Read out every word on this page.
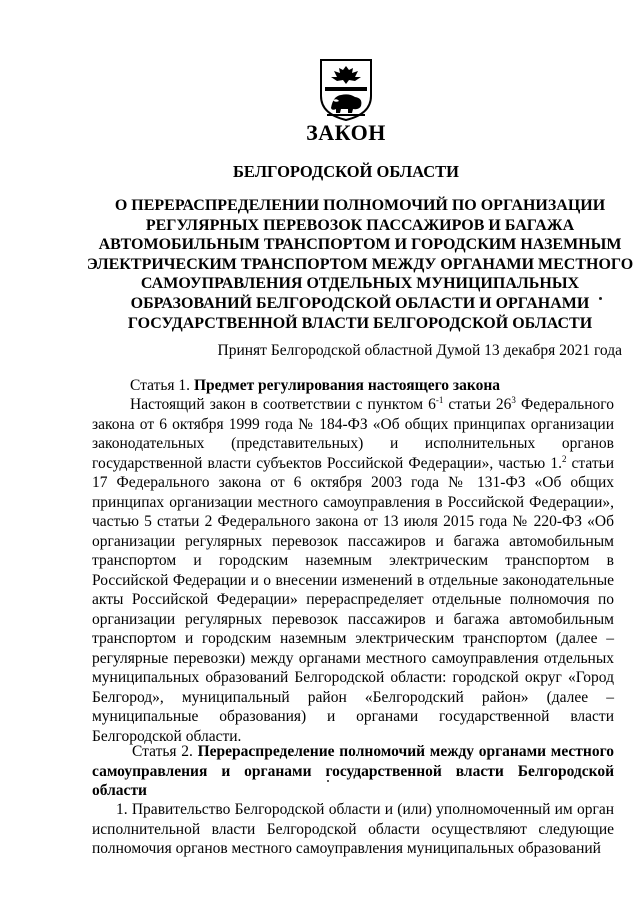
ЗАКОН
БЕЛГОРОДСКОЙ ОБЛАСТИ
О ПЕРЕРАСПРЕДЕЛЕНИИ ПОЛНОМОЧИЙ ПО ОРГАНИЗАЦИИ РЕГУЛЯРНЫХ ПЕРЕВОЗОК ПАССАЖИРОВ И БАГАЖА АВТОМОБИЛЬНЫМ ТРАНСПОРТОМ И ГОРОДСКИМ НАЗЕМНЫМ ЭЛЕКТРИЧЕСКИМ ТРАНСПОРТОМ МЕЖДУ ОРГАНАМИ МЕСТНОГО САМОУПРАВЛЕНИЯ ОТДЕЛЬНЫХ МУНИЦИПАЛЬНЫХ ОБРАЗОВАНИЙ БЕЛГОРОДСКОЙ ОБЛАСТИ И ОРГАНАМИ ГОСУДАРСТВЕННОЙ ВЛАСТИ БЕЛГОРОДСКОЙ ОБЛАСТИ

Принят Белгородской областной Думой 13 декабря 2021 года

Статья 1. Предмет регулирования настоящего закона

Настоящий закон в соответствии с пунктом $6^{-1}$ статьи $26^3$ Федерального закона от 6 октября 1999 года № 184-ФЗ «Об общих принципах организации законодательных (представительных) и исполнительных органов государственной власти субъектов Российской Федерации», частью 1.$^2$ статьи 17 Федерального закона от 6 октября 2003 года № 131-ФЗ «Об общих принципах организации местного самоуправления в Российской Федерации», частью 5 статьи 2 Федерального закона от 13 июля 2015 года № 220-ФЗ «Об организации регулярных перевозок пассажиров и багажа автомобильным транспортом и городским наземным электрическим транспортом в Российской Федерации и о внесении изменений в отдельные законодательные акты Российской Федерации» перераспределяет отдельные полномочия по организации регулярных перевозок пассажиров и багажа автомобильным транспортом и городским наземным электрическим транспортом (далее – регулярные перевозки) между органами местного самоуправления отдельных муниципальных образований Белгородской области: городской округ «Город Белгород», муниципальный район «Белгородский район» (далее – муниципальные образования) и органами государственной власти Белгородской области.

Статья 2. Перераспределение полномочий между органами местного самоуправления и органами государственной власти Белгородской области

1. Правительство Белгородской области и (или) уполномоченный им орган исполнительной власти Белгородской области осуществляют следующие полномочия органов местного самоуправления муниципальных образований
